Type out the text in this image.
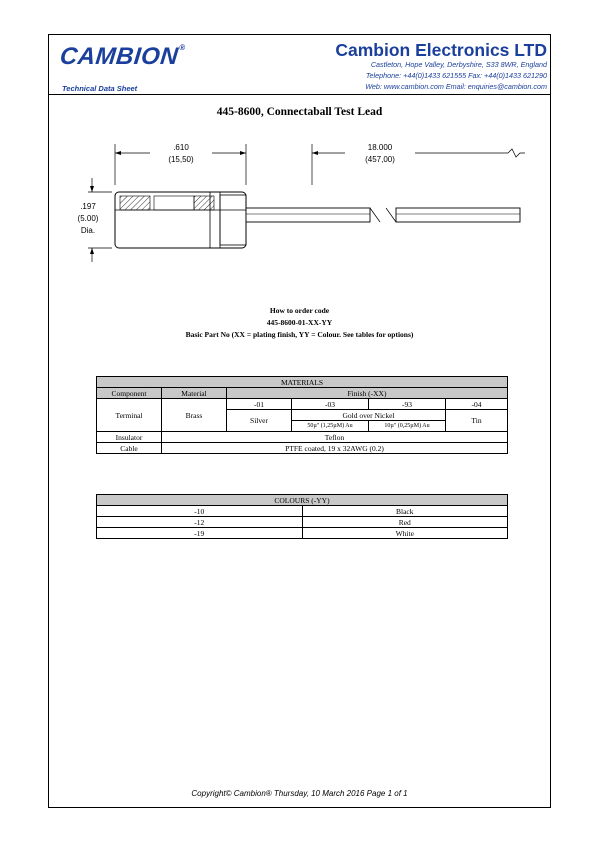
CAMBION®
Technical Data Sheet
Cambion Electronics LTD
Castleton, Hope Valley, Derbyshire, S33 8WR, England
Telephone: +44(0)1433 621555 Fax: +44(0)1433 621290
Web: www.cambion.com Email: enquiries@cambion.com
445-8600, Connectaball Test Lead
.610
(15,50)
18.000
(457,00)
.197
(5.00)
Dia.
How to order code
445-8600-01-XX-YY
Basic Part No (XX = plating finish, YY = Colour. See tables for options)
MATERIALS					
Component	Material	Finish (-XX)			
Terminal	Brass	-01	-03	-93	-04
		Silver	Gold over Nickel		Tin
			50µ" (1,25µM) Au	10µ" (0,25µM) Au	
Insulator	Teflon				
Cable	PTFE coated, 19 x 32AWG (0.2)				
COLOURS (-YY)	
-10	Black
-12	Red
-19	White
Copyright© Cambion® Thursday, 10 March 2016 Page 1 of 1
